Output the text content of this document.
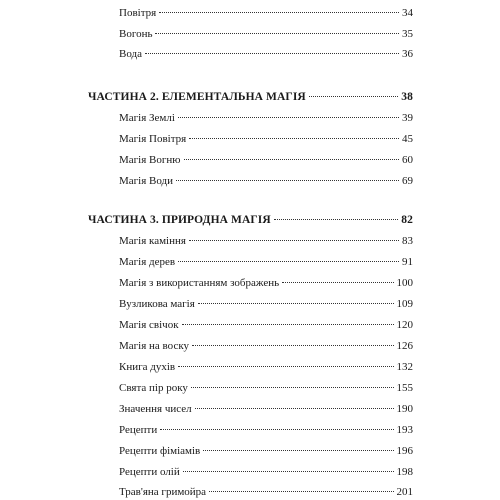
Повітря	34
Вогонь	35
Вода	36
ЧАСТИНА 2. ЕЛЕМЕНТАЛЬНА МАГІЯ	38
Магія Землі	39
Магія Повітря	45
Магія Вогню	60
Магія Води	69
ЧАСТИНА 3. ПРИРОДНА МАГІЯ	82
Магія каміння	83
Магія дерев	91
Магія з використанням зображень	100
Вузликова магія	109
Магія свічок	120
Магія на воску	126
Книга духів	132
Свята пір року	155
Значення чисел	190
Рецепти	193
Рецепти фіміамів	196
Рецепти олій	198
Трав'яна гримойра	201
